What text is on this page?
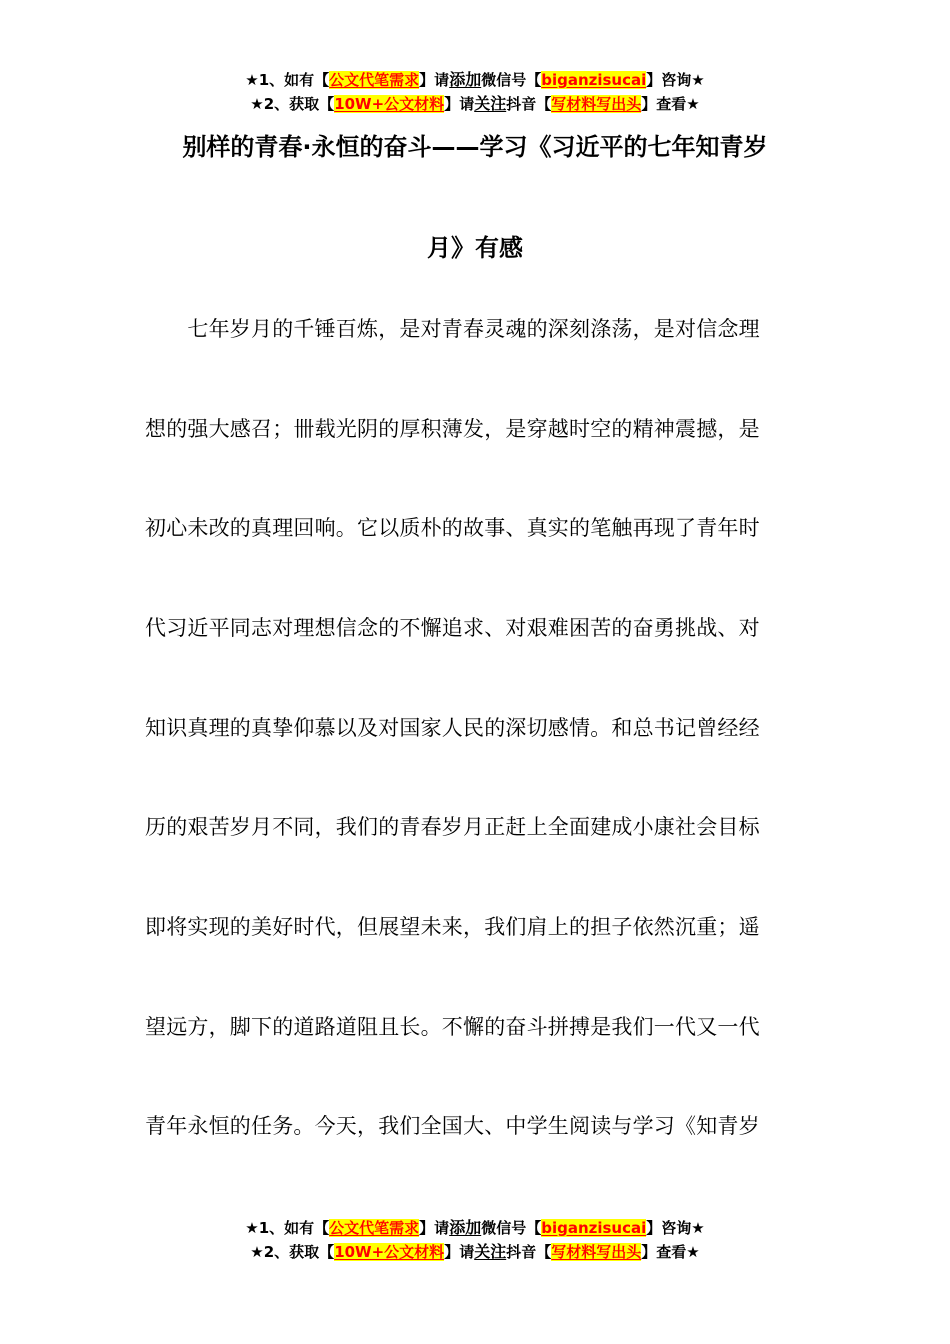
★1、如有【公文代笔需求】请添加微信号【biganzisucai】咨询★
★2、获取【10W+公文材料】请关注抖音【写材料写出头】查看★
别样的青春·永恒的奋斗——学习《习近平的七年知青岁
月》有感
　　七年岁月的千锤百炼，是对青春灵魂的深刻涤荡，是对信念理
想的强大感召；卌载光阴的厚积薄发，是穿越时空的精神震撼，是
初心未改的真理回响。它以质朴的故事、真实的笔触再现了青年时
代习近平同志对理想信念的不懈追求、对艰难困苦的奋勇挑战、对
知识真理的真挚仰慕以及对国家人民的深切感情。和总书记曾经经
历的艰苦岁月不同，我们的青春岁月正赶上全面建成小康社会目标
即将实现的美好时代，但展望未来，我们肩上的担子依然沉重；遥
望远方，脚下的道路道阻且长。不懈的奋斗拼搏是我们一代又一代
青年永恒的任务。今天，我们全国大、中学生阅读与学习《知青岁
★1、如有【公文代笔需求】请添加微信号【biganzisucai】咨询★
★2、获取【10W+公文材料】请关注抖音【写材料写出头】查看★
